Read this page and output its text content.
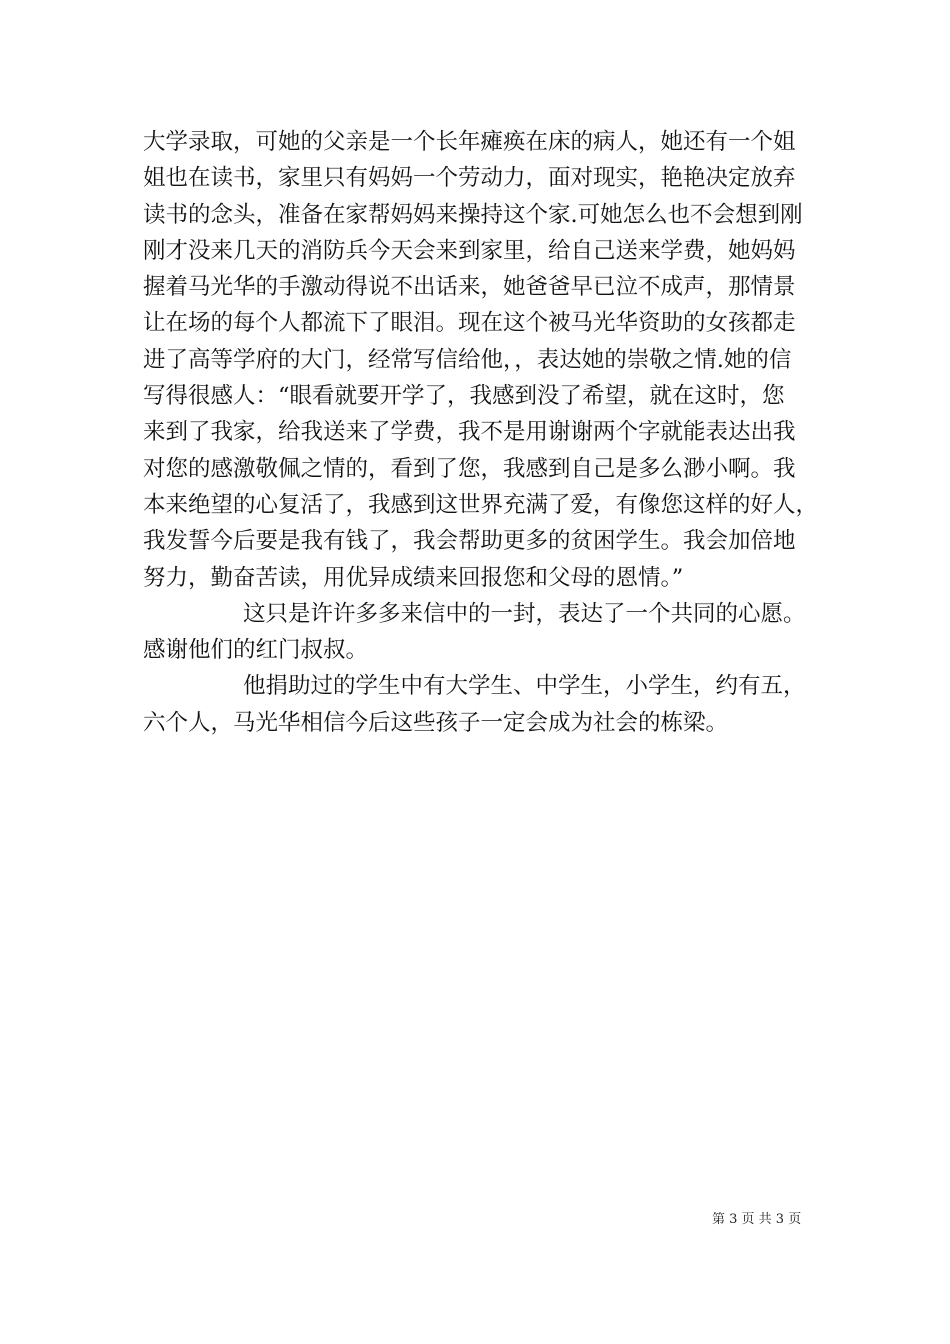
大学录取，可她的父亲是一个长年瘫痪在床的病人，她还有一个姐
姐也在读书，家里只有妈妈一个劳动力，面对现实，艳艳决定放弃
读书的念头，准备在家帮妈妈来操持这个家.可她怎么也不会想到刚
刚才没来几天的消防兵今天会来到家里，给自己送来学费，她妈妈
握着马光华的手激动得说不出话来，她爸爸早已泣不成声，那情景
让在场的每个人都流下了眼泪。现在这个被马光华资助的女孩都走
进了高等学府的大门，经常写信给他，，表达她的崇敬之情.她的信
写得很感人：“眼看就要开学了，我感到没了希望，就在这时，您
来到了我家，给我送来了学费，我不是用谢谢两个字就能表达出我
对您的感激敬佩之情的，看到了您，我感到自己是多么渺小啊。我
本来绝望的心复活了，我感到这世界充满了爱，有像您这样的好人，
我发誓今后要是我有钱了，我会帮助更多的贫困学生。我会加倍地
努力，勤奋苦读，用优异成绩来回报您和父母的恩情。”
这只是许许多多来信中的一封，表达了一个共同的心愿。
感谢他们的红门叔叔。
他捐助过的学生中有大学生、中学生，小学生，约有五，
六个人，马光华相信今后这些孩子一定会成为社会的栋梁。
第 3 页 共 3 页
